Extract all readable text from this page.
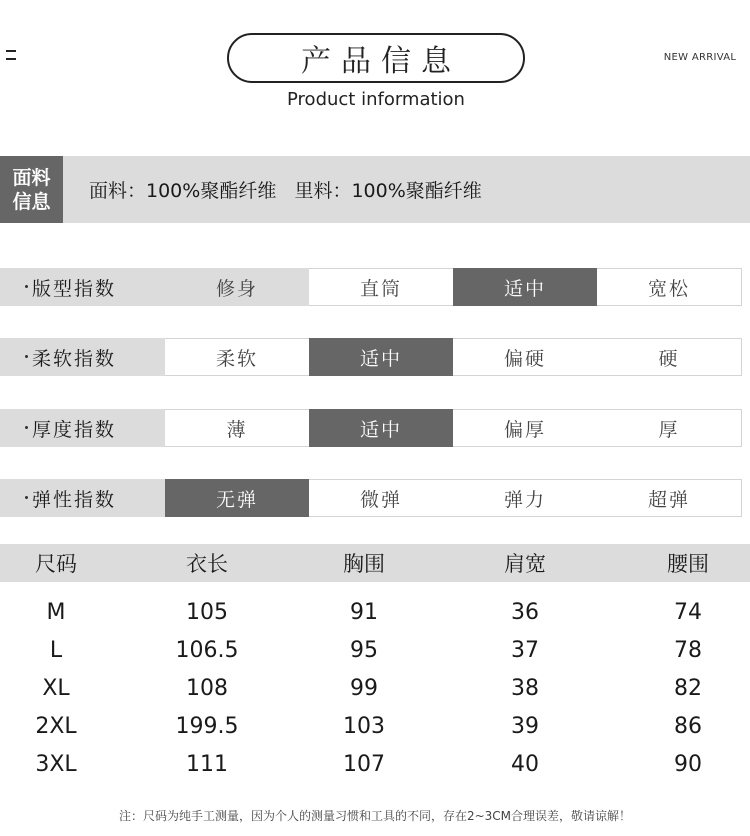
产品信息
Product information
NEW ARRIVAL
面料
信息 面料：100%聚酯纤维   里料：100%聚酯纤维
版型指数	修身	直筒	适中	宽松
柔软指数	柔软	适中	偏硬	硬
厚度指数	薄	适中	偏厚	厚
弹性指数	无弹	微弹	弹力	超弹
尺码	衣长	胸围	肩宽	腰围
M	105	91	36	74
L	106.5	95	37	78
XL	108	99	38	82
2XL	199.5	103	39	86
3XL	111	107	40	90
注：尺码为纯手工测量，因为个人的测量习惯和工具的不同，存在2~3CM合理误差，敬请谅解！
